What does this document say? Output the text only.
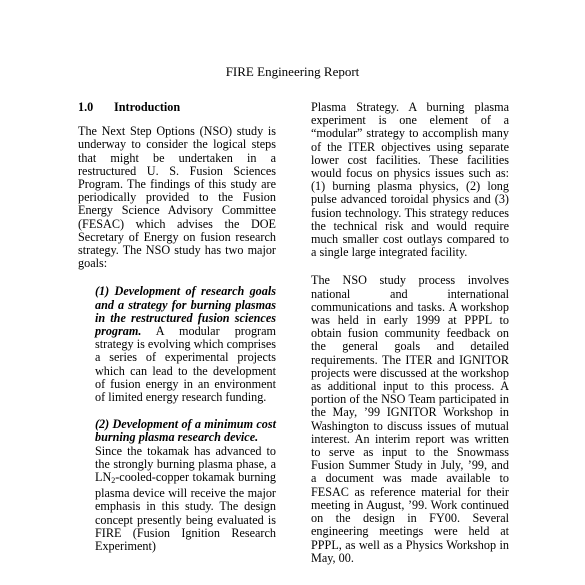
FIRE Engineering Report
1.0 Introduction

The Next Step Options (NSO) study is underway to consider the logical steps that might be undertaken in a restructured U. S. Fusion Sciences Program. The findings of this study are periodically provided to the Fusion Energy Science Advisory Committee (FESAC) which advises the DOE Secretary of Energy on fusion research strategy. The NSO study has two major goals:

(1) Development of research goals and a strategy for burning plasmas in the restructured fusion sciences program. A modular program strategy is evolving which comprises a series of experimental projects which can lead to the development of fusion energy in an environment of limited energy research funding.

(2) Development of a minimum cost burning plasma research device.

Since the tokamak has advanced to the strongly burning plasma phase, a $LN_2-cooled$-copper tokamak burning plasma device will receive the major emphasis in this study. The design concept presently being evaluated is FIRE (Fusion Ignition Research Experiment)

Plasma Strategy. A burning plasma experiment is one element of a “modular” strategy to accomplish many of the ITER objectives using separate lower cost facilities. These facilities would focus on physics issues such as: (1) burning plasma physics, (2) long pulse advanced toroidal physics and (3) fusion technology. This strategy reduces the technical risk and would require much smaller cost outlays compared to a single large integrated facility.

The NSO study process involves national and international communications and tasks. A workshop was held in early 1999 at PPPL to obtain fusion community feedback on the general goals and detailed requirements. The ITER and IGNITOR projects were discussed at the workshop as additional input to this process. A portion of the NSO Team participated in the May, ’99 IGNITOR Workshop in Washington to discuss issues of mutual interest. An interim report was written to serve as input to the Snowmass Fusion Summer Study in July, ’99, and a document was made available to FESAC as reference material for their meeting in August, ’99. Work continued on the design in FY00. Several engineering meetings were held at PPPL, as well as a Physics Workshop in May, 00.
